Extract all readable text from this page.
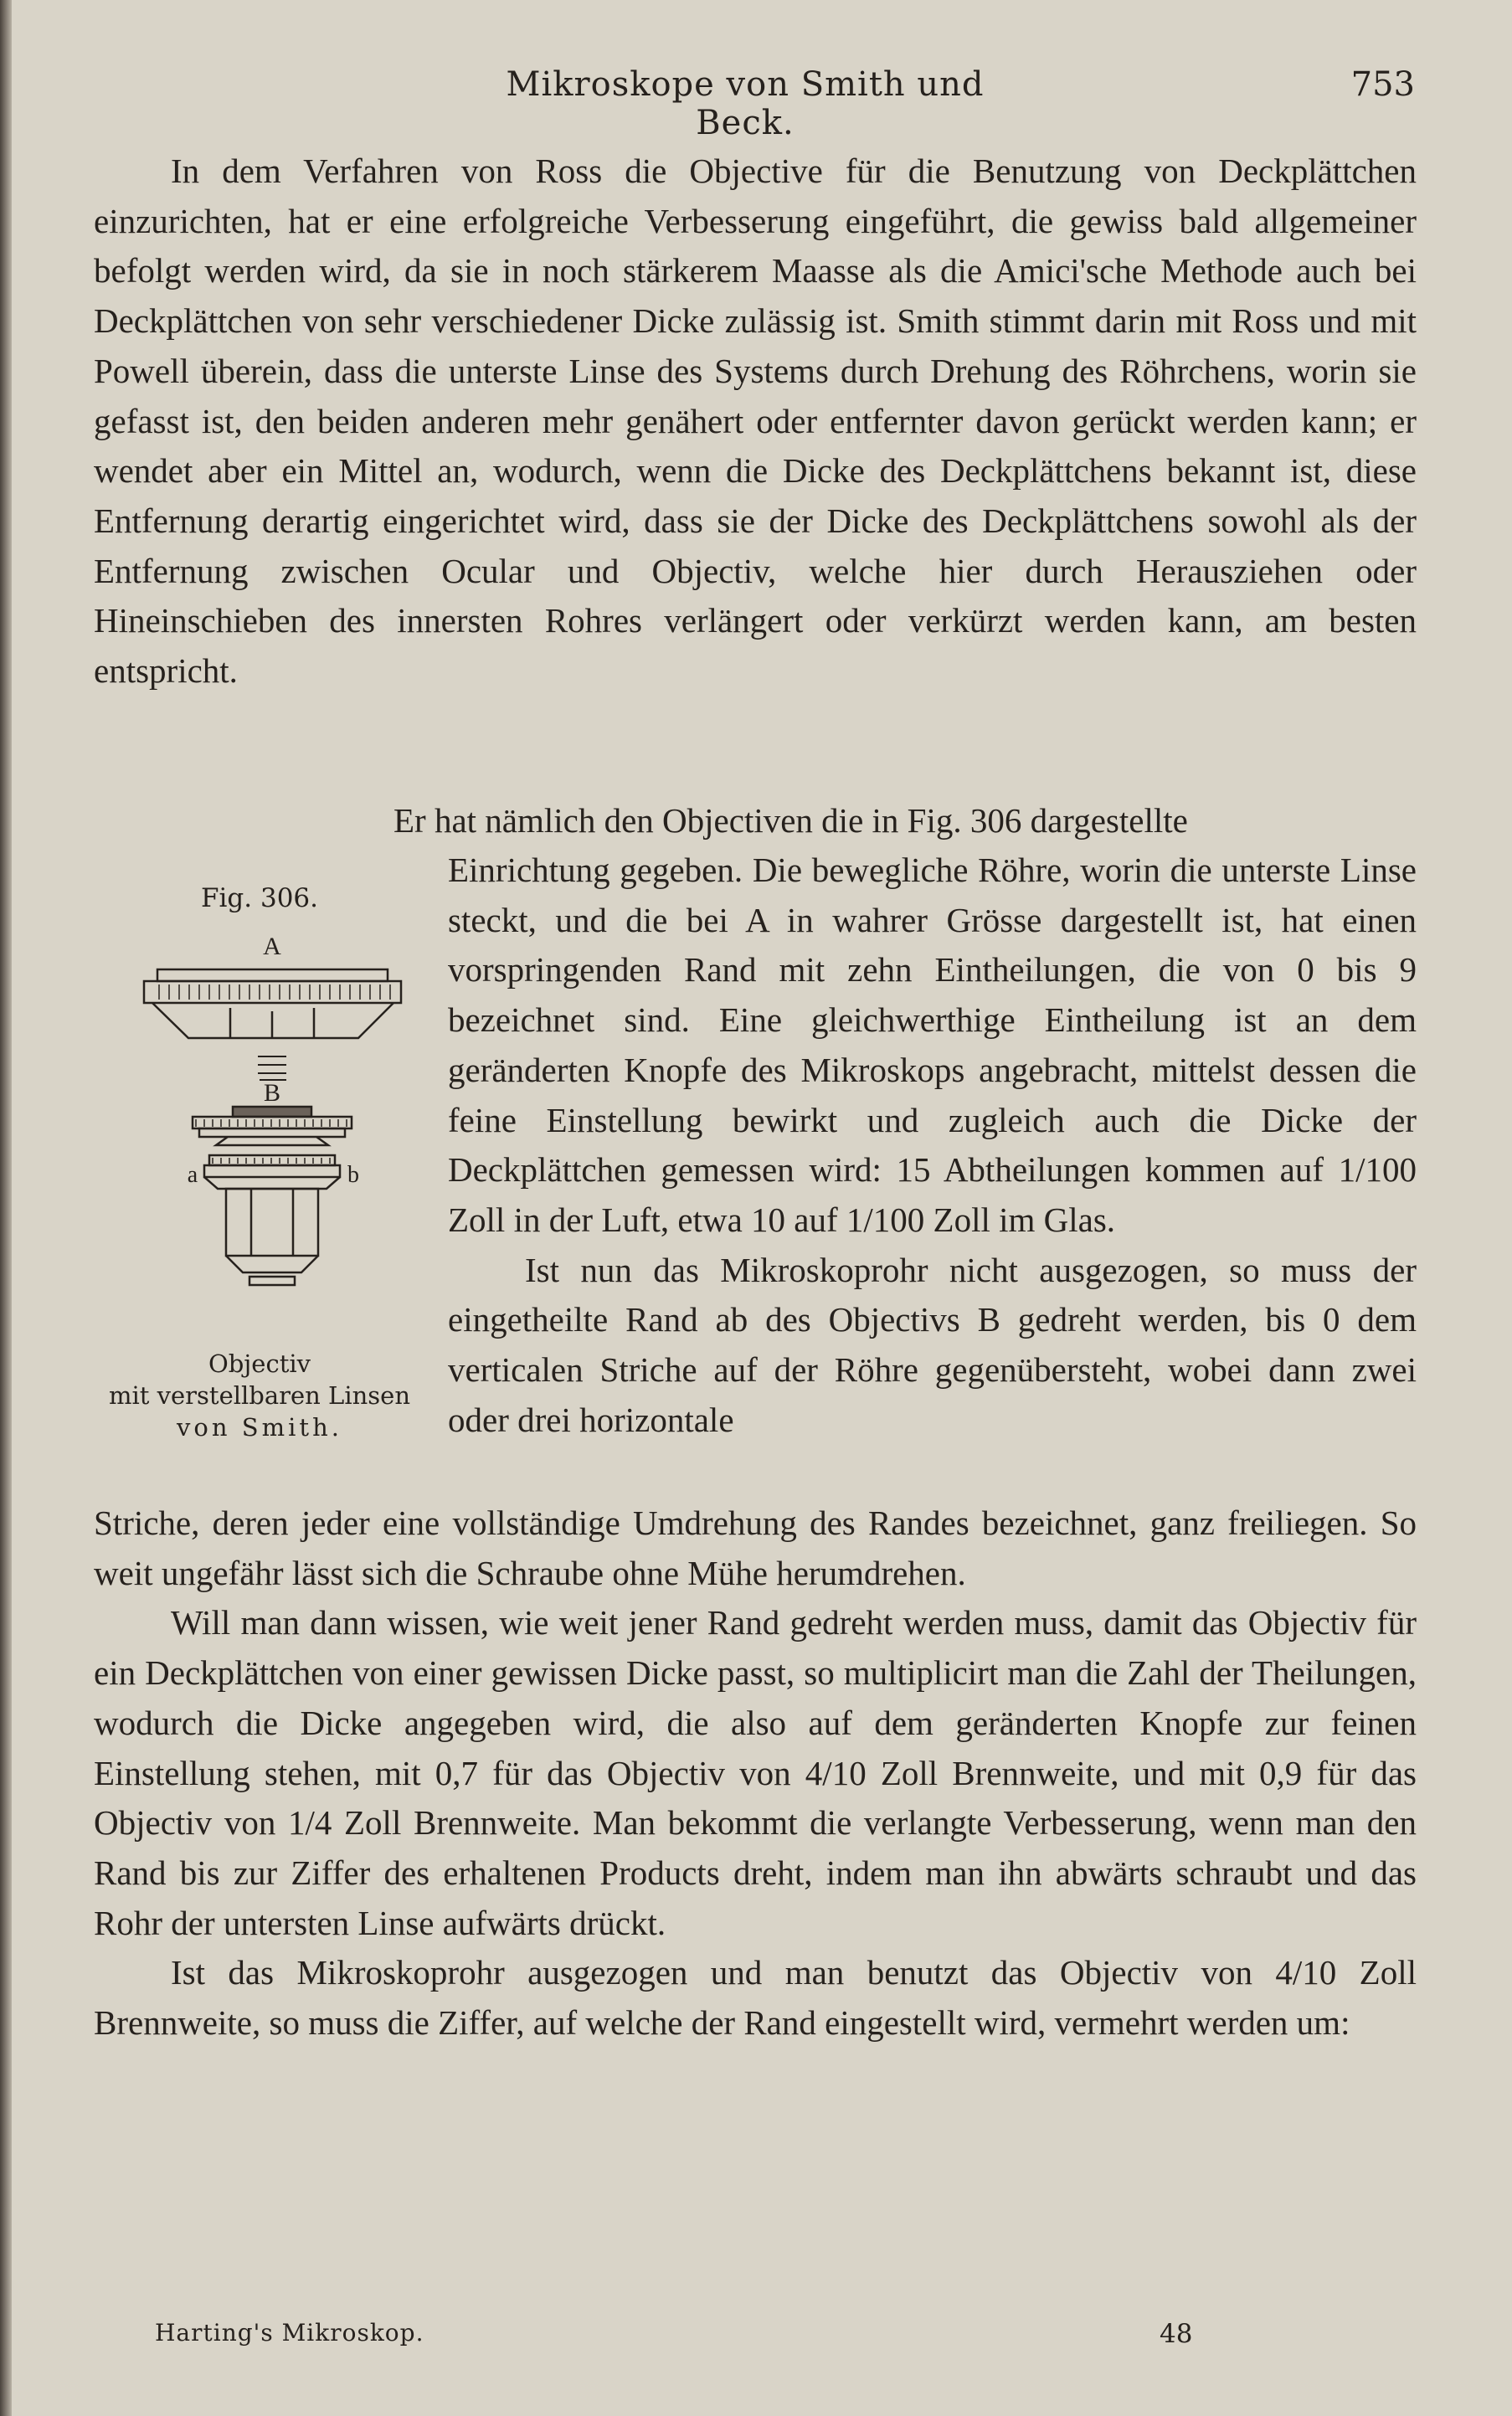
Mikroskope von Smith und Beck.
753

In dem Verfahren von Ross die Objective für die Benutzung von Deckplättchen einzurichten, hat er eine erfolgreiche Verbesserung eingeführt, die gewiss bald allgemeiner befolgt werden wird, da sie in noch stärkerem Maasse als die Amici'sche Methode auch bei Deckplättchen von sehr verschiedener Dicke zulässig ist. Smith stimmt darin mit Ross und mit Powell überein, dass die unterste Linse des Systems durch Drehung des Röhrchens, worin sie gefasst ist, den beiden anderen mehr genähert oder entfernter davon gerückt werden kann; er wendet aber ein Mittel an, wodurch, wenn die Dicke des Deckplättchens bekannt ist, diese Entfernung derartig eingerichtet wird, dass sie der Dicke des Deckplättchens sowohl als der Entfernung zwischen Ocular und Objectiv, welche hier durch Herausziehen oder Hineinschieben des innersten Rohres verlängert oder verkürzt werden kann, am besten entspricht.

Er hat nämlich den Objectiven die in Fig. 306 dargestellte

Fig. 306.
A
B
a	b
Objectiv
mit verstellbaren Linsen
von Smith.

Einrichtung gegeben. Die bewegliche Röhre, worin die unterste Linse steckt, und die bei A in wahrer Grösse dargestellt ist, hat einen vorspringenden Rand mit zehn Eintheilungen, die von 0 bis 9 bezeichnet sind. Eine gleichwerthige Eintheilung ist an dem geränderten Knopfe des Mikroskops angebracht, mittelst dessen die feine Einstellung bewirkt und zugleich auch die Dicke der Deckplättchen gemessen wird: 15 Abtheilungen kommen auf 1/100 Zoll in der Luft, etwa 10 auf 1/100 Zoll im Glas.

Ist nun das Mikroskoprohr nicht ausgezogen, so muss der eingetheilte Rand ab des Objectivs B gedreht werden, bis 0 dem verticalen Striche auf der Röhre gegenübersteht, wobei dann zwei oder drei horizontale

Striche, deren jeder eine vollständige Umdrehung des Randes bezeichnet, ganz freiliegen. So weit ungefähr lässt sich die Schraube ohne Mühe herumdrehen.

Will man dann wissen, wie weit jener Rand gedreht werden muss, damit das Objectiv für ein Deckplättchen von einer gewissen Dicke passt, so multiplicirt man die Zahl der Theilungen, wodurch die Dicke angegeben wird, die also auf dem geränderten Knopfe zur feinen Einstellung stehen, mit 0,7 für das Objectiv von 4/10 Zoll Brennweite, und mit 0,9 für das Objectiv von 1/4 Zoll Brennweite. Man bekommt die verlangte Verbesserung, wenn man den Rand bis zur Ziffer des erhaltenen Products dreht, indem man ihn abwärts schraubt und das Rohr der untersten Linse aufwärts drückt.

Ist das Mikroskoprohr ausgezogen und man benutzt das Objectiv von 4/10 Zoll Brennweite, so muss die Ziffer, auf welche der Rand eingestellt wird, vermehrt werden um:

Harting's Mikroskop.	48
